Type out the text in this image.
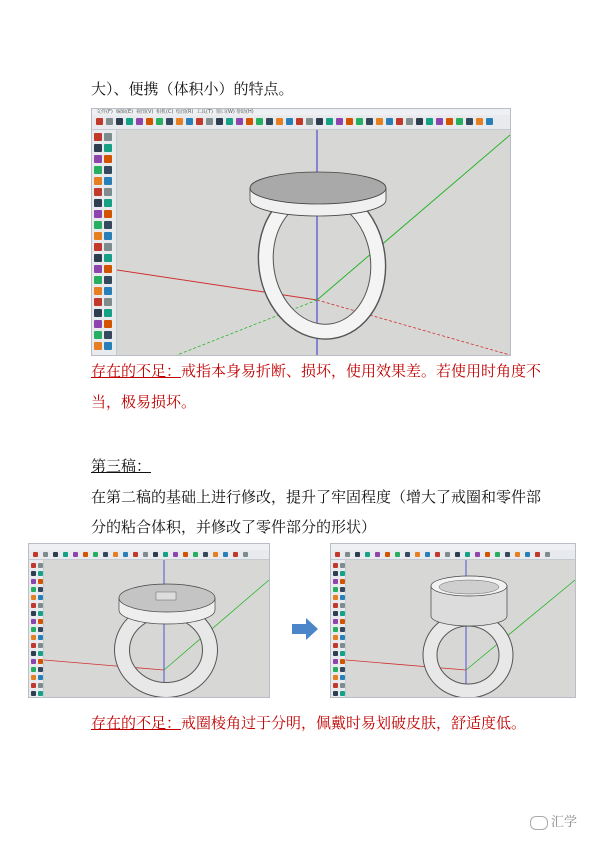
大）、便携（体积小）的特点。
文件(F) 编辑(E) 视图(V) 相机(C) 绘图(R) 工具(T) 窗口(W) 帮助(H)
存在的不足：戒指本身易折断、损坏，使用效果差。若使用时角度不
当，极易损坏。
第三稿：
在第二稿的基础上进行修改，提升了牢固程度（增大了戒圈和零件部
分的粘合体积，并修改了零件部分的形状）
存在的不足：戒圈棱角过于分明，佩戴时易划破皮肤，舒适度低。
汇学
